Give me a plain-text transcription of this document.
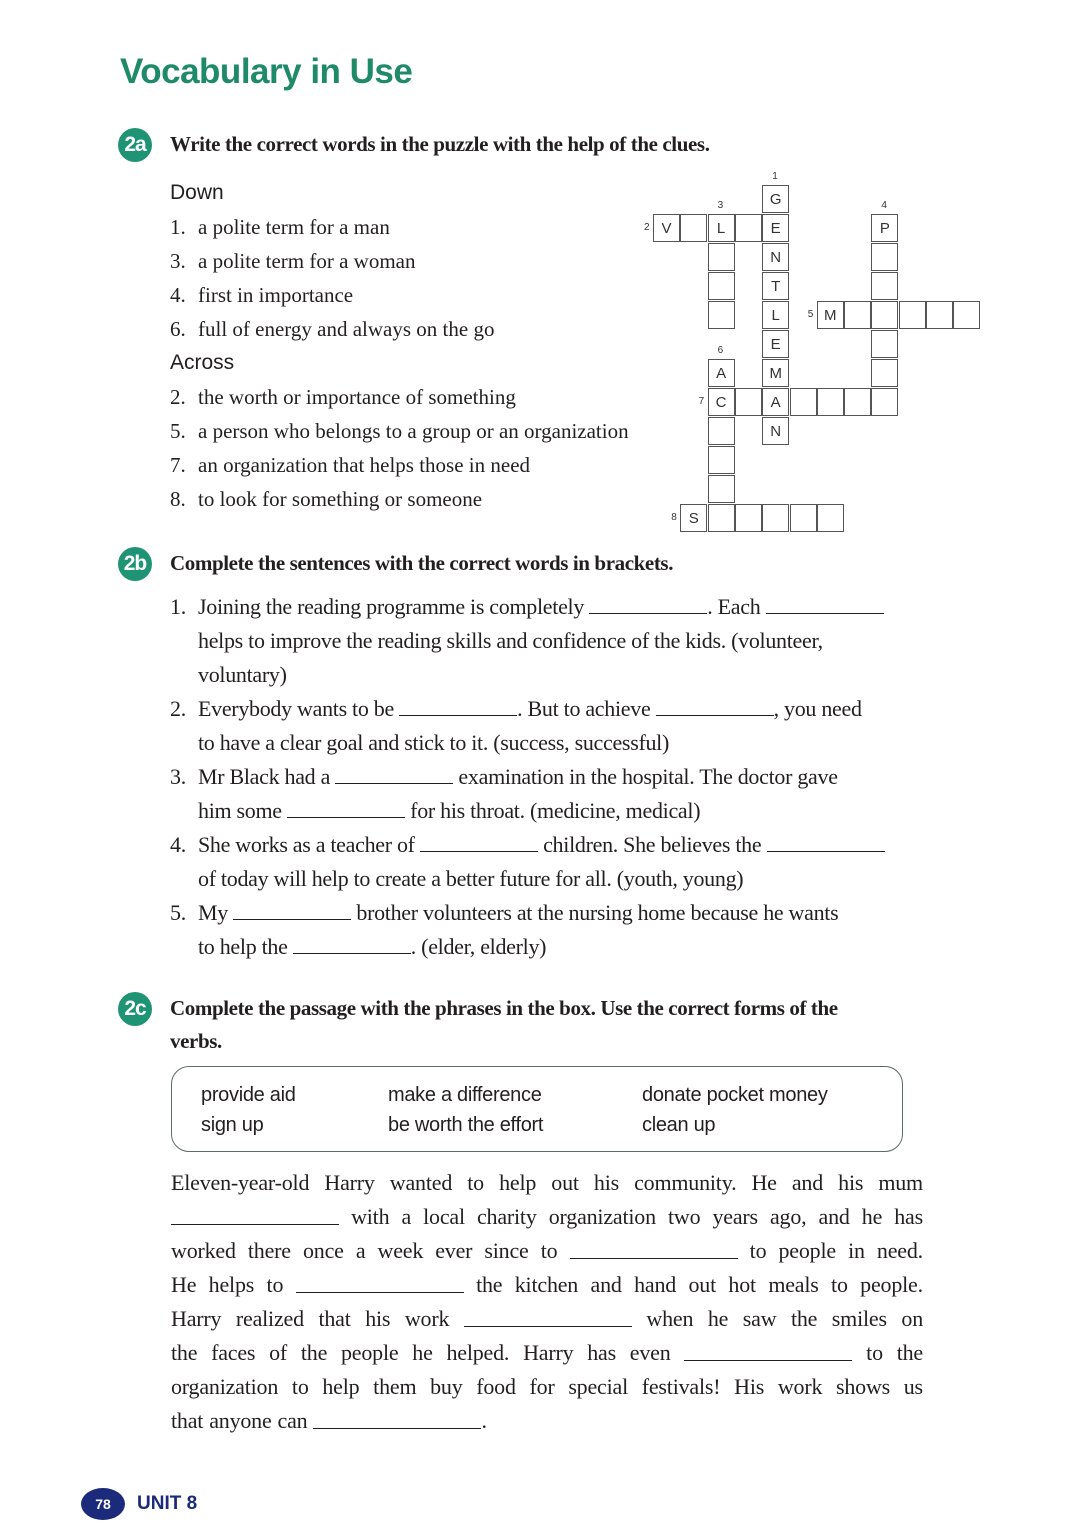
Vocabulary in Use
2a	Write the correct words in the puzzle with the help of the clues.
Down
1. a polite term for a man
3. a polite term for a woman
4. first in importance
6. full of energy and always on the go
Across
2. the worth or importance of something
5. a person who belongs to a group or an organization
7. an organization that helps those in need
8. to look for something or someone
1
2
3	4
5
6
7
8
G
E
N
T
L
E
M
A
N
V	L	P
M
A
C
S
2b Complete the sentences with the correct words in brackets.
1.Joining the reading programme is completely	. Each
helps to improve the reading skills and confidence of the kids. (volunteer,
voluntary)
2.Everybody wants to be	. But to achieve	, you need
to have a clear goal and stick to it. (success, successful)
3.Mr Black had a	examination in the hospital. The doctor gave
him some	for his throat. (medicine, medical)
4.She works as a teacher of	children. She believes the
of today will help to create a better future for all. (youth, young)
5.My	brother volunteers at the nursing home because he wants
to help the	. (elder, elderly)
2c	Complete the passage with the phrases in the box. Use the correct forms of the
verbs.
provide aid	make a difference	donate pocket money
sign up	be worth the effort	clean up
Eleven-year-old Harry wanted to help out his community. He and his mum
with a local charity organization two years ago, and he has
worked there once a week ever since to	to people in need.
He helps to	the kitchen and hand out hot meals to people.
Harry realized that his work	when he saw the smiles on
the faces of the people he helped. Harry has even	to the
organization to help them buy food for special festivals! His work shows us
that anyone can	.
78	UNIT 8
